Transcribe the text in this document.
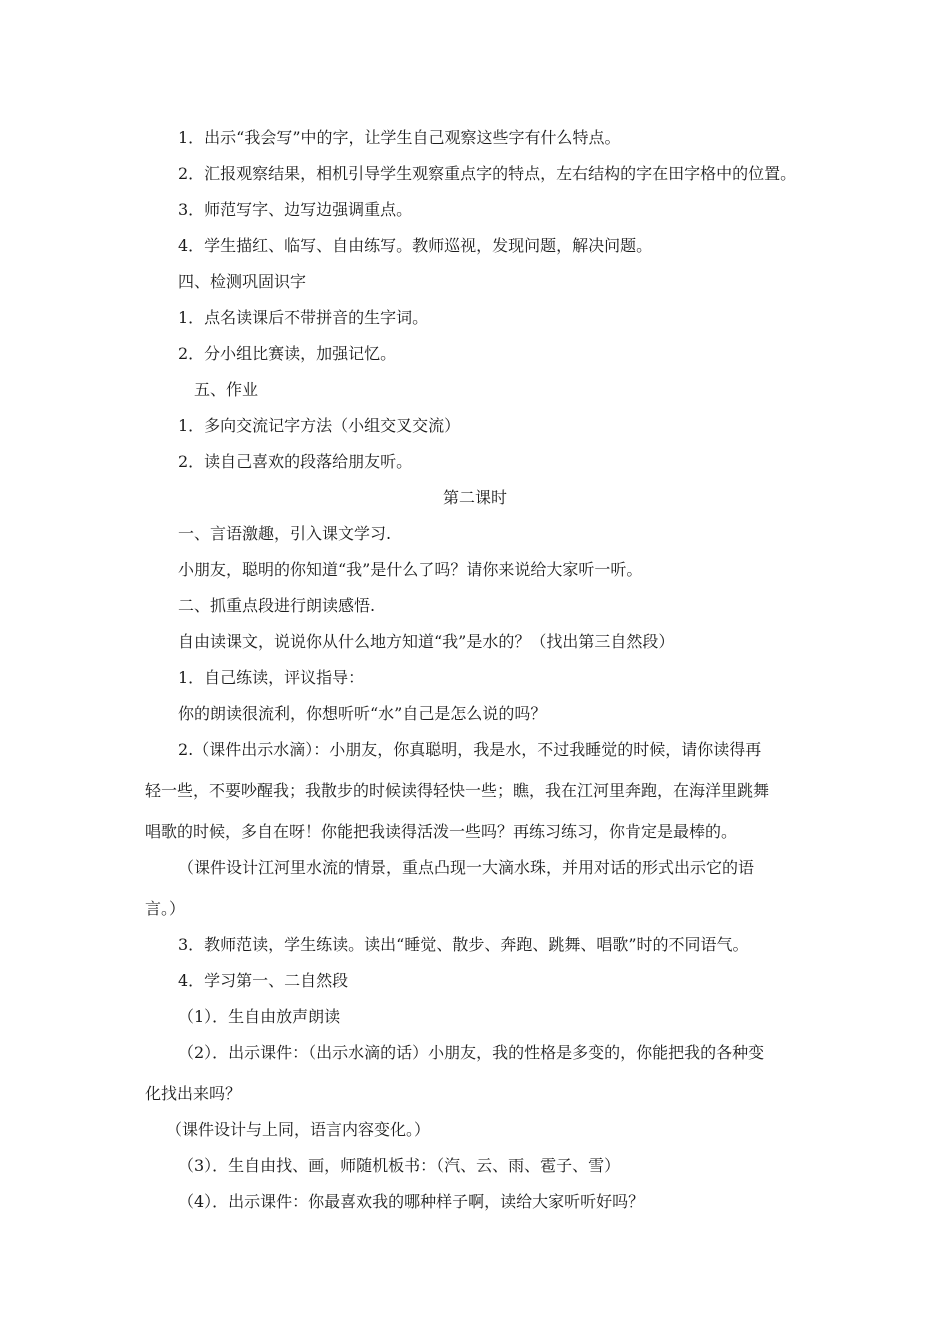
1．出示“我会写”中的字，让学生自己观察这些字有什么特点。
2．汇报观察结果，相机引导学生观察重点字的特点，左右结构的字在田字格中的位置。
3．师范写字、边写边强调重点。
4．学生描红、临写、自由练写。教师巡视，发现问题，解决问题。
四、检测巩固识字
1．点名读课后不带拼音的生字词。
2．分小组比赛读，加强记忆。
五、作业
1．多向交流记字方法（小组交叉交流）
2．读自己喜欢的段落给朋友听。
第二课时
一、言语激趣，引入课文学习.
小朋友，聪明的你知道“我”是什么了吗？请你来说给大家听一听。
二、抓重点段进行朗读感悟.
自由读课文，说说你从什么地方知道“我”是水的？（找出第三自然段）
1．自己练读，评议指导：
你的朗读很流利，你想听听“水”自己是怎么说的吗？
2.（课件出示水滴）：小朋友，你真聪明，我是水，不过我睡觉的时候，请你读得再
轻一些，不要吵醒我；我散步的时候读得轻快一些；瞧，我在江河里奔跑，在海洋里跳舞
唱歌的时候，多自在呀！你能把我读得活泼一些吗？再练习练习，你肯定是最棒的。
（课件设计江河里水流的情景，重点凸现一大滴水珠，并用对话的形式出示它的语
言。）
3．教师范读，学生练读。读出“睡觉、散步、奔跑、跳舞、唱歌”时的不同语气。
4．学习第一、二自然段
（1）．生自由放声朗读
（2）．出示课件：（出示水滴的话）小朋友，我的性格是多变的，你能把我的各种变
化找出来吗？
（课件设计与上同，语言内容变化。）
（3）．生自由找、画，师随机板书：（汽、云、雨、雹子、雪）
（4）．出示课件：你最喜欢我的哪种样子啊，读给大家听听好吗？
